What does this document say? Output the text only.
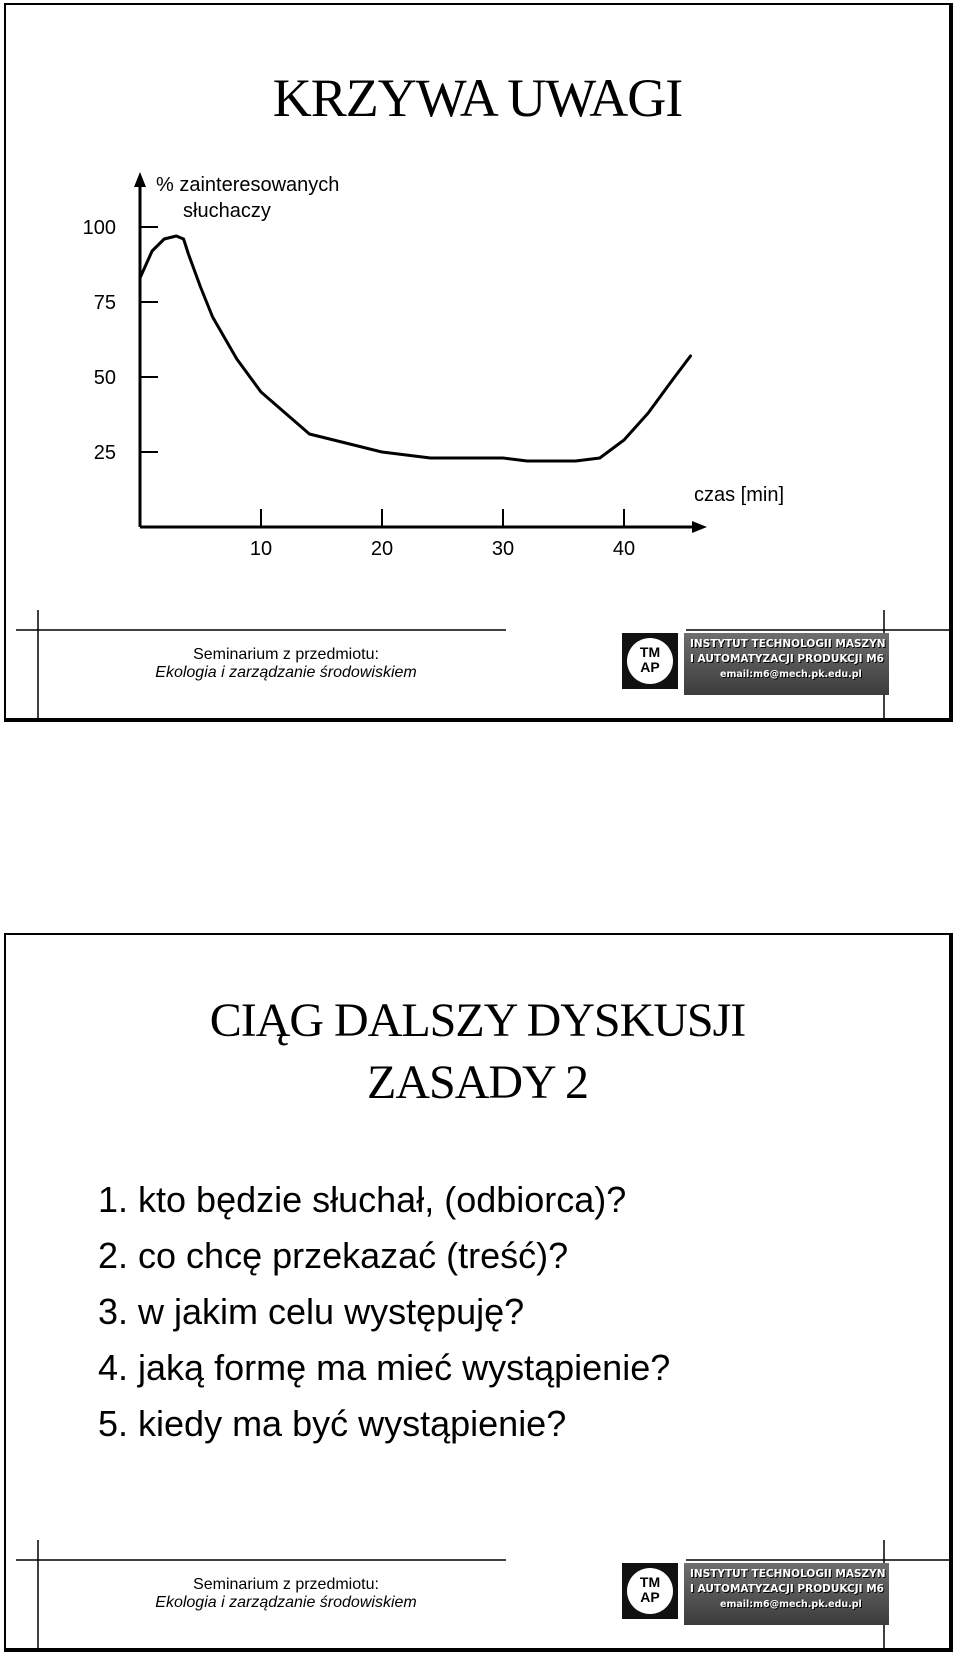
KRZYWA UWAGI
% zainteresowanych
słuchaczy
czas [min]
100
75
50
25
10	20	30	40
Seminarium z przedmiotu:
Ekologia i zarządzanie środowiskiem
TM
AP
INSTYTUT TECHNOLOGII MASZYN
I AUTOMATYZACJI PRODUKCJI M6
email:m6@mech.pk.edu.pl
CIĄG DALSZY DYSKUSJI
ZASADY 2
1. kto będzie słuchał, (odbiorca)?
2. co chcę przekazać (treść)?
3. w jakim celu występuję?
4. jaką formę ma mieć wystąpienie?
5. kiedy ma być wystąpienie?
Seminarium z przedmiotu:
Ekologia i zarządzanie środowiskiem
TM
AP
INSTYTUT TECHNOLOGII MASZYN
I AUTOMATYZACJI PRODUKCJI M6
email:m6@mech.pk.edu.pl
